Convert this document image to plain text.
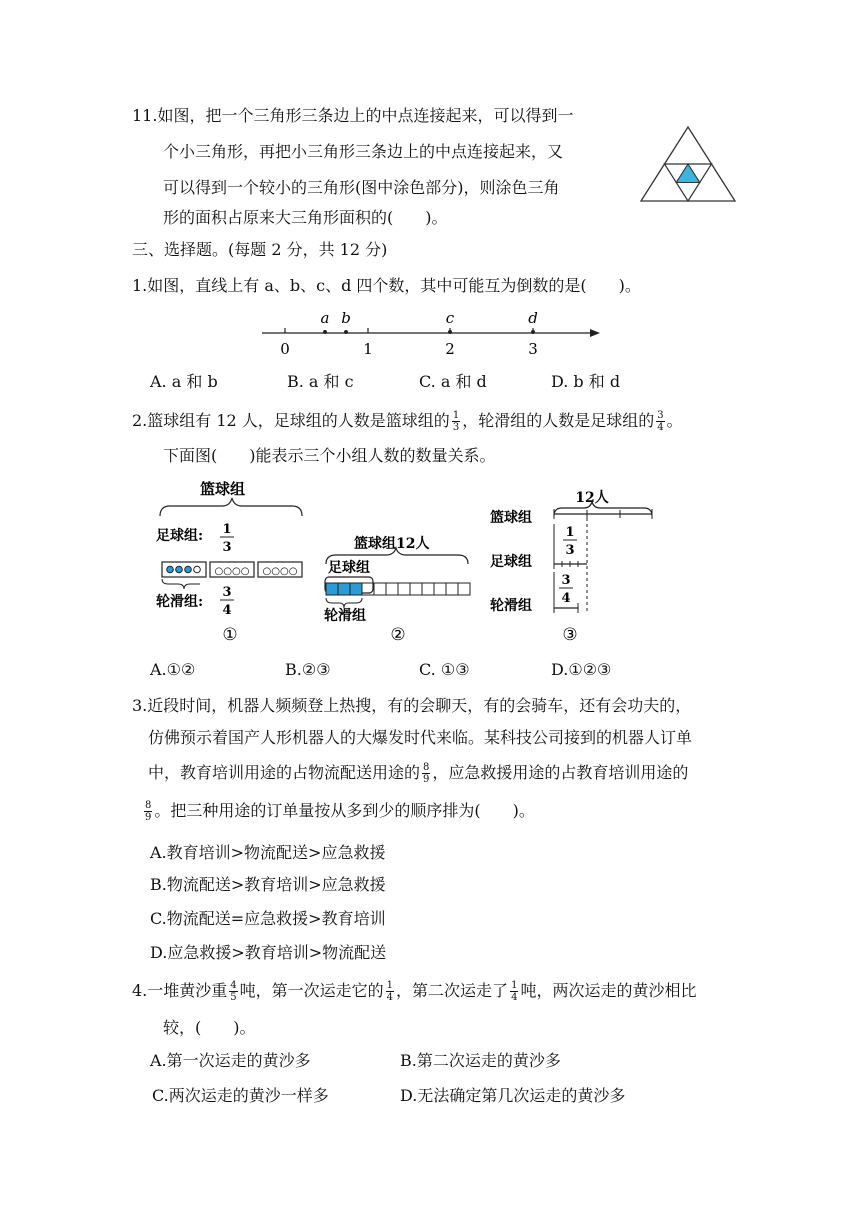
11.如图，把一个三角形三条边上的中点连接起来，可以得到一
个小三角形，再把小三角形三条边上的中点连接起来，又
可以得到一个较小的三角形(图中涂色部分)，则涂色三角
形的面积占原来大三角形面积的(　　)。
三、选择题。(每题 2 分，共 12 分)
1.如图，直线上有 a、b、c、d 四个数，其中可能互为倒数的是(　　)。
0	1	2	3
a b	c	d
A. a 和 b	B. a 和 c	C. a 和 d	D. b 和 d
2.篮球组有 12 人，足球组的人数是篮球组的 $\frac{1}{3}$ ，轮滑组的人数是足球组的 $\frac{3}{4}$ 。
下面图(　　)能表示三个小组人数的数量关系。
篮球组
足球组: 1
3
○○○○ ○○○○
轮滑组:
3
4
①
篮球组12人
足球组
轮滑组
②
12人
篮球组
1
3
足球组
3
4
轮滑组
③
A.①②	B.②③	C. ①③	D.①②③
3.近段时间，机器人频频登上热搜，有的会聊天，有的会骑车，还有会功夫的，
仿佛预示着国产人形机器人的大爆发时代来临。某科技公司接到的机器人订单
中，教育培训用途的占物流配送用途的 $\frac{8}{9}$ ，应急救援用途的占教育培训用途的
$\frac{8}{9}$ 。把三种用途的订单量按从多到少的顺序排为(　　)。
A.教育培训>物流配送>应急救援
B.物流配送>教育培训>应急救援
C.物流配送=应急救援>教育培训
D.应急救援>教育培训>物流配送
4.一堆黄沙重 $\frac{4}{5}$ 吨，第一次运走它的 $\frac{1}{4}$ ，第二次运走了 $\frac{1}{4}$ 吨，两次运走的黄沙相比
较，(　　)。
A.第一次运走的黄沙多	B.第二次运走的黄沙多
C.两次运走的黄沙一样多	D.无法确定第几次运走的黄沙多
